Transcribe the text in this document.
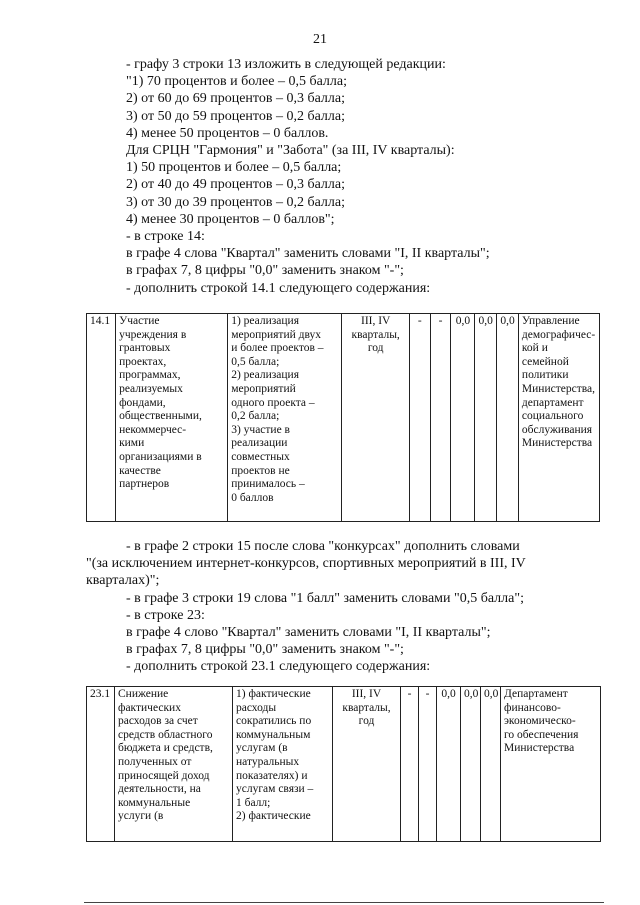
21
- графу 3 строки 13 изложить в следующей редакции:
"1) 70 процентов и более – 0,5 балла;
2) от 60 до 69 процентов – 0,3 балла;
3) от 50 до 59 процентов – 0,2 балла;
4) менее 50 процентов – 0 баллов.
Для СРЦН "Гармония" и "Забота" (за III, IV кварталы):
1) 50 процентов и более – 0,5 балла;
2) от 40 до 49 процентов – 0,3 балла;
3) от 30 до 39 процентов – 0,2 балла;
4) менее 30 процентов – 0 баллов";
- в строке 14:
в графе 4 слова "Квартал" заменить словами "I, II кварталы";
в графах 7, 8 цифры "0,0" заменить знаком "-";
- дополнить строкой 14.1 следующего содержания:
14.1	Участие
учреждения в
грантовых
проектах,
программах,
реализуемых
фондами,
общественными,
некоммерчес-
кими
организациями в
качестве
партнеров

1) реализация
мероприятий двух
и более проектов –
0,5 балла;
2) реализация
мероприятий
одного проекта –
0,2 балла;
3) участие в
реализации
совместных
проектов не
принималось –
0 баллов

III, IV
кварталы,
год
	-	-	0,0	0,0	0,0	Управление
демографичес-
кой и
семейной
политики
Министерства,
департамент
социального
обслуживания
Министерства
- в графе 2 строки 15 после слова "конкурсах" дополнить словами
"(за исключением интернет-конкурсов, спортивных мероприятий в III, IV
кварталах)";
- в графе 3 строки 19 слова "1 балл" заменить словами "0,5 балла";
- в строке 23:
в графе 4 слово "Квартал" заменить словами "I, II кварталы";
в графах 7, 8 цифры "0,0" заменить знаком "-";
- дополнить строкой 23.1 следующего содержания:
23.1	Снижение
фактических
расходов за счет
средств областного
бюджета и средств,
полученных от
приносящей доход
деятельности, на
коммунальные
услуги (в

1) фактические
расходы
сократились по
коммунальным
услугам (в
натуральных
показателях) и
услугам связи –
1 балл;
2) фактические

III, IV
кварталы,
год
	-	-	0,0	0,0	0,0	Департамент
финансово-
экономическо-
го обеспечения
Министерства
